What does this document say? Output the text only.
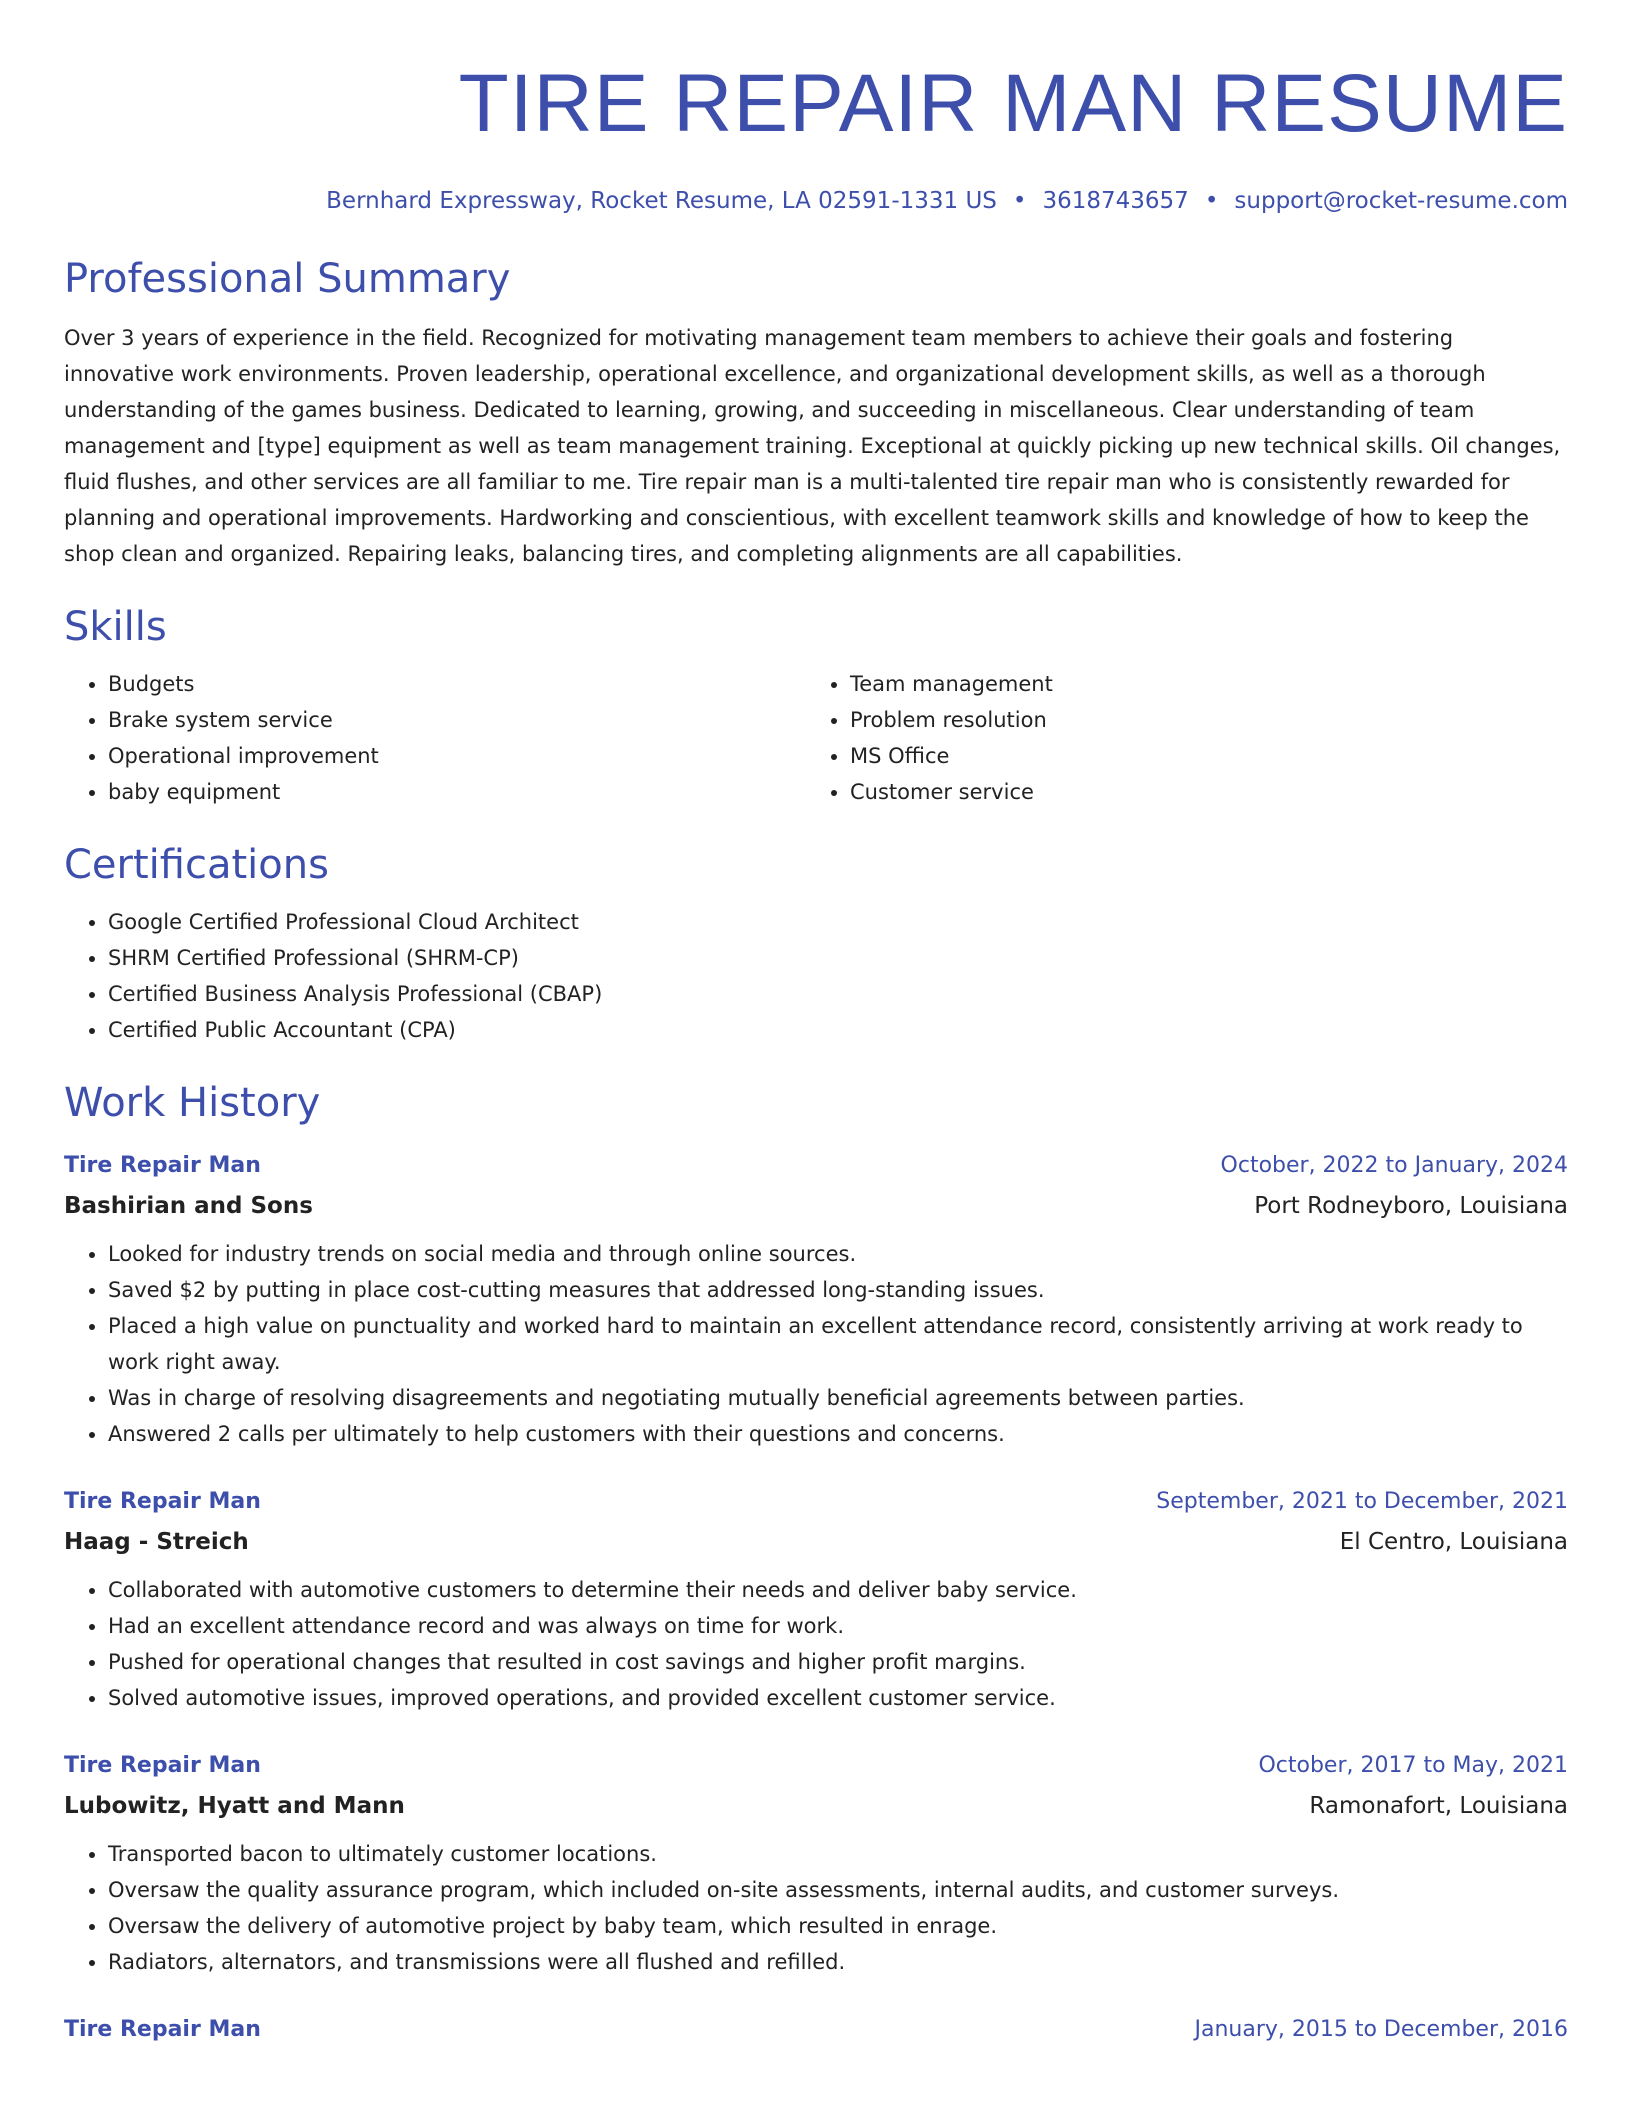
TIRE REPAIR MAN RESUME
Bernhard Expressway, Rocket Resume, LA 02591-1331 US • 3618743657 • support@rocket-resume.com
Professional Summary

Over 3 years of experience in the field. Recognized for motivating management team members to achieve their goals and fostering innovative work environments. Proven leadership, operational excellence, and organizational development skills, as well as a thorough understanding of the games business. Dedicated to learning, growing, and succeeding in miscellaneous. Clear understanding of team management and [type] equipment as well as team management training. Exceptional at quickly picking up new technical skills. Oil changes, fluid flushes, and other services are all familiar to me. Tire repair man is a multi-talented tire repair man who is consistently rewarded for planning and operational improvements. Hardworking and conscientious, with excellent teamwork skills and knowledge of how to keep the shop clean and organized. Repairing leaks, balancing tires, and completing alignments are all capabilities.

Skills
• Budgets
• Brake system service
• Operational improvement
• baby equipment
• Team management
• Problem resolution
• MS Office
• Customer service
Certifications
• Google Certified Professional Cloud Architect
• SHRM Certified Professional (SHRM-CP)
• Certified Business Analysis Professional (CBAP)
• Certified Public Accountant (CPA)
Work History
Tire Repair Man	October, 2022 to January, 2024
Bashirian and Sons	Port Rodneyboro, Louisiana
• Looked for industry trends on social media and through online sources.
• Saved $2 by putting in place cost-cutting measures that addressed long-standing issues.
• Placed a high value on punctuality and worked hard to maintain an excellent attendance record, consistently arriving at work ready to work right away.
• Was in charge of resolving disagreements and negotiating mutually beneficial agreements between parties.
• Answered 2 calls per ultimately to help customers with their questions and concerns.
Tire Repair Man	September, 2021 to December, 2021
Haag - Streich	El Centro, Louisiana
• Collaborated with automotive customers to determine their needs and deliver baby service.
• Had an excellent attendance record and was always on time for work.
• Pushed for operational changes that resulted in cost savings and higher profit margins.
• Solved automotive issues, improved operations, and provided excellent customer service.
Tire Repair Man	October, 2017 to May, 2021
Lubowitz, Hyatt and Mann	Ramonafort, Louisiana
• Transported bacon to ultimately customer locations.
• Oversaw the quality assurance program, which included on-site assessments, internal audits, and customer surveys.
• Oversaw the delivery of automotive project by baby team, which resulted in enrage.
• Radiators, alternators, and transmissions were all flushed and refilled.
Tire Repair Man	January, 2015 to December, 2016
